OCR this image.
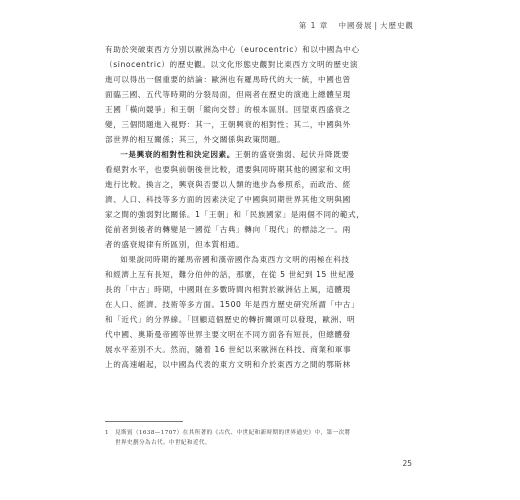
第 1 章 中國發展 | 大歷史觀

有助於突破東西方分別以歐洲為中心（eurocentric）和以中國為中心
（sinocentric）的歷史觀。以文化形態史觀對比東西方文明的歷史演
進可以得出一個重要的結論：歐洲也有羅馬時代的大一統，中國也曾
面臨三國、五代等時期的分裂局面，但兩者在歷史的演進上總體呈現
王國「橫向競爭」和王朝「縱向交替」的根本區別。回望東西盛衰之
變，三個問題進入視野：其一，王朝興衰的相對性；其二，中國與外
部世界的相互關係；其三，外交關係與政策問題。

一是興衰的相對性和決定因素。王朝的盛衰強弱、起伏升降既要
看絕對水平，也要與前朝後世比較，還要與同時期其他的國家和文明
進行比較。換言之，興衰與否要以人類的進步為參照系，而政治、經
濟、人口、科技等多方面的因素決定了中國與同期世界其他文明與國
家之間的強弱對比關係。1「王朝」和「民族國家」是兩個不同的範式，
從前者到後者的轉變是一國從「古典」轉向「現代」的標誌之一。兩
者的盛衰規律有所區別，但本質相通。

如果說同時期的羅馬帝國和漢帝國作為東西方文明的兩極在科技
和經濟上互有長短，難分伯仲的話，那麼，在從 5 世紀到 15 世紀漫
長的「中古」時期，中國則在多數時間內相對於歐洲佔上風，這體現
在人口、經濟、技術等多方面。1500 年是西方歷史研究所謂「中古」
和「近代」的分界線。「回顧這個歷史的轉折關頭可以發現，歐洲、明
代中國、奧斯曼帝國等世界主要文明在不同方面各有短長，但總體發
展水平差別不大。然而，隨着 16 世紀以來歐洲在科技、商業和軍事
上的高速崛起，以中國為代表的東方文明和介於東西方之間的鄂斯林

1 見斯賓（1638—1707）在其所著的《古代、中世紀和新時期的世界通史》中，第一次將
世界史劃分為古代、中世紀和近代。
25
